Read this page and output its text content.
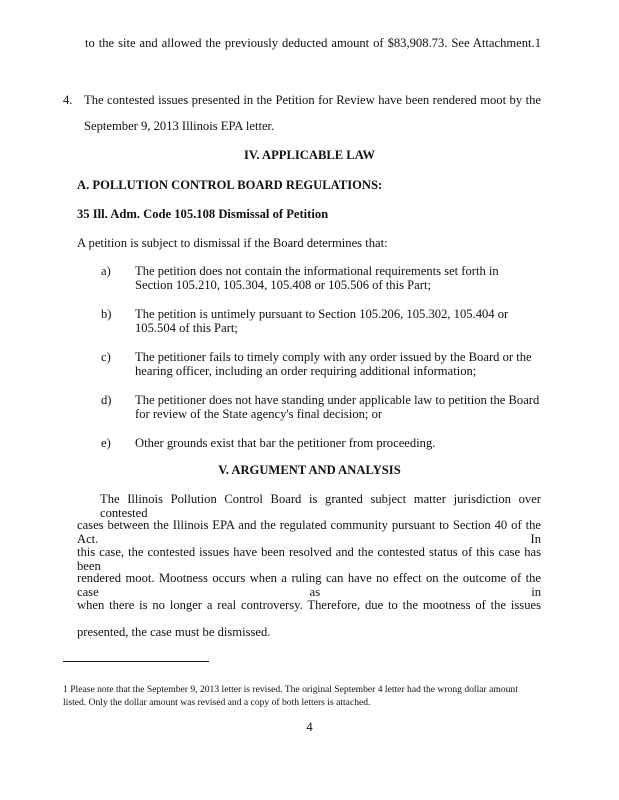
to the site and allowed the previously deducted amount of $83,908.73. See Attachment.1
4. The contested issues presented in the Petition for Review have been rendered moot by the
September 9, 2013 Illinois EPA letter.
IV. APPLICABLE LAW
A. POLLUTION CONTROL BOARD REGULATIONS:
35 Ill. Adm. Code 105.108 Dismissal of Petition
A petition is subject to dismissal if the Board determines that:
a) The petition does not contain the informational requirements set forth in
Section 105.210, 105.304, 105.408 or 105.506 of this Part;
b) The petition is untimely pursuant to Section 105.206, 105.302, 105.404 or
105.504 of this Part;
c) The petitioner fails to timely comply with any order issued by the Board or the
hearing officer, including an order requiring additional information;
d) The petitioner does not have standing under applicable law to petition the Board
for review of the State agency's final decision; or
e) Other grounds exist that bar the petitioner from proceeding.
V. ARGUMENT AND ANALYSIS
The Illinois Pollution Control Board is granted subject matter jurisdiction over contested
cases between the Illinois EPA and the regulated community pursuant to Section 40 of the Act. In
this case, the contested issues have been resolved and the contested status of this case has been
rendered moot. Mootness occurs when a ruling can have no effect on the outcome of the case as in
when there is no longer a real controversy. Therefore, due to the mootness of the issues
presented, the case must be dismissed.
1 Please note that the September 9, 2013 letter is revised. The original September 4 letter had the wrong dollar amount
listed. Only the dollar amount was revised and a copy of both letters is attached.
4
